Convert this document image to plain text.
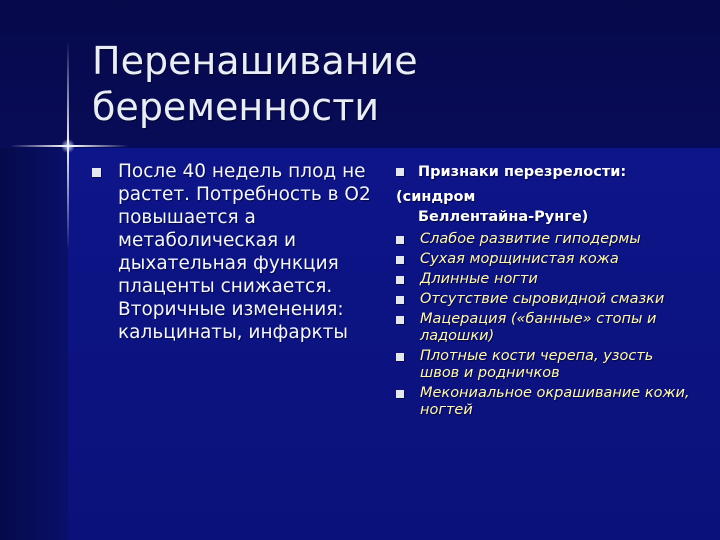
Перенашивание
беременности
После 40 недель плод не растет. Потребность в О2 повышается а метаболическая и дыхательная функция плаценты снижается. Вторичные изменения: кальцинаты, инфаркты
Признаки перезрелости:
(синдром
Беллентайна-Рунге)
Слабое развитие гиподермы
Сухая морщинистая кожа
Длинные ногти
Отсутствие сыровидной смазки
Мацерация («банные» стопы и ладошки)
Плотные кости черепа, узость швов и родничков
Мекониальное окрашивание кожи, ногтей
